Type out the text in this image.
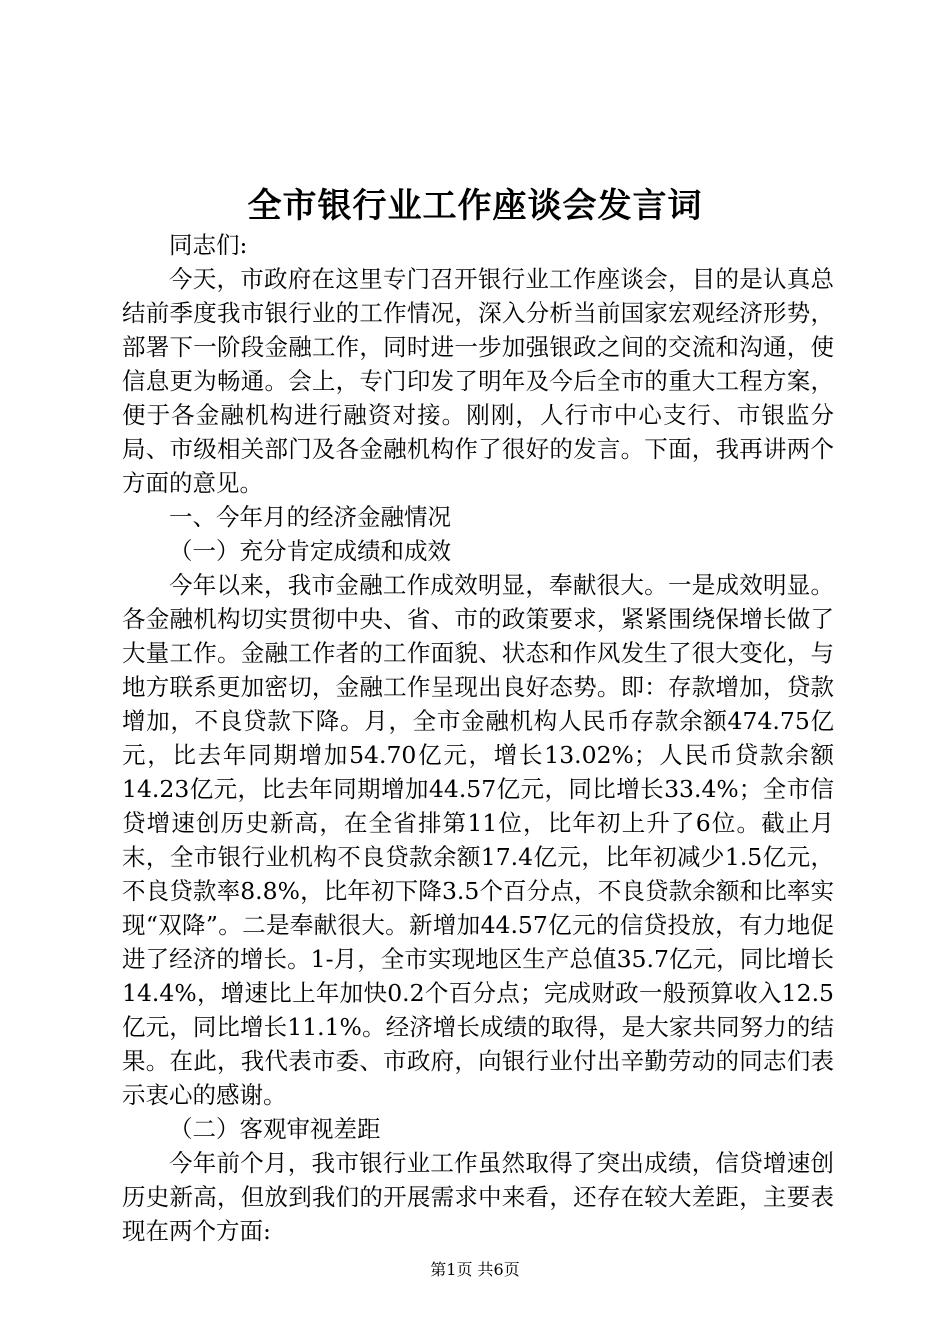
全市银行业工作座谈会发言词

同志们:

今天，市政府在这里专门召开银行业工作座谈会，目的是认真总结前季度我市银行业的工作情况，深入分析当前国家宏观经济形势，部署下一阶段金融工作，同时进一步加强银政之间的交流和沟通，使信息更为畅通。会上，专门印发了明年及今后全市的重大工程方案，便于各金融机构进行融资对接。刚刚，人行市中心支行、市银监分局、市级相关部门及各金融机构作了很好的发言。下面，我再讲两个方面的意见。

一、今年月的经济金融情况

（一）充分肯定成绩和成效

今年以来，我市金融工作成效明显，奉献很大。一是成效明显。各金融机构切实贯彻中央、省、市的政策要求，紧紧围绕保增长做了大量工作。金融工作者的工作面貌、状态和作风发生了很大变化，与地方联系更加密切，金融工作呈现出良好态势。即：存款增加，贷款增加，不良贷款下降。月，全市金融机构人民币存款余额474.75亿元，比去年同期增加54.70亿元，增长13.02%；人民币贷款余额14.23亿元，比去年同期增加44.57亿元，同比增长33.4%；全市信贷增速创历史新高，在全省排第11位，比年初上升了6位。截止月末，全市银行业机构不良贷款余额17.4亿元，比年初减少1.5亿元，不良贷款率8.8%，比年初下降3.5个百分点，不良贷款余额和比率实现“双降”。二是奉献很大。新增加44.57亿元的信贷投放，有力地促进了经济的增长。1-月，全市实现地区生产总值35.7亿元，同比增长14.4%，增速比上年加快0.2个百分点；完成财政一般预算收入12.5亿元，同比增长11.1%。经济增长成绩的取得，是大家共同努力的结果。在此，我代表市委、市政府，向银行业付出辛勤劳动的同志们表示衷心的感谢。

（二）客观审视差距

今年前个月，我市银行业工作虽然取得了突出成绩，信贷增速创历史新高，但放到我们的开展需求中来看，还存在较大差距，主要表现在两个方面:

第1页 共6页
